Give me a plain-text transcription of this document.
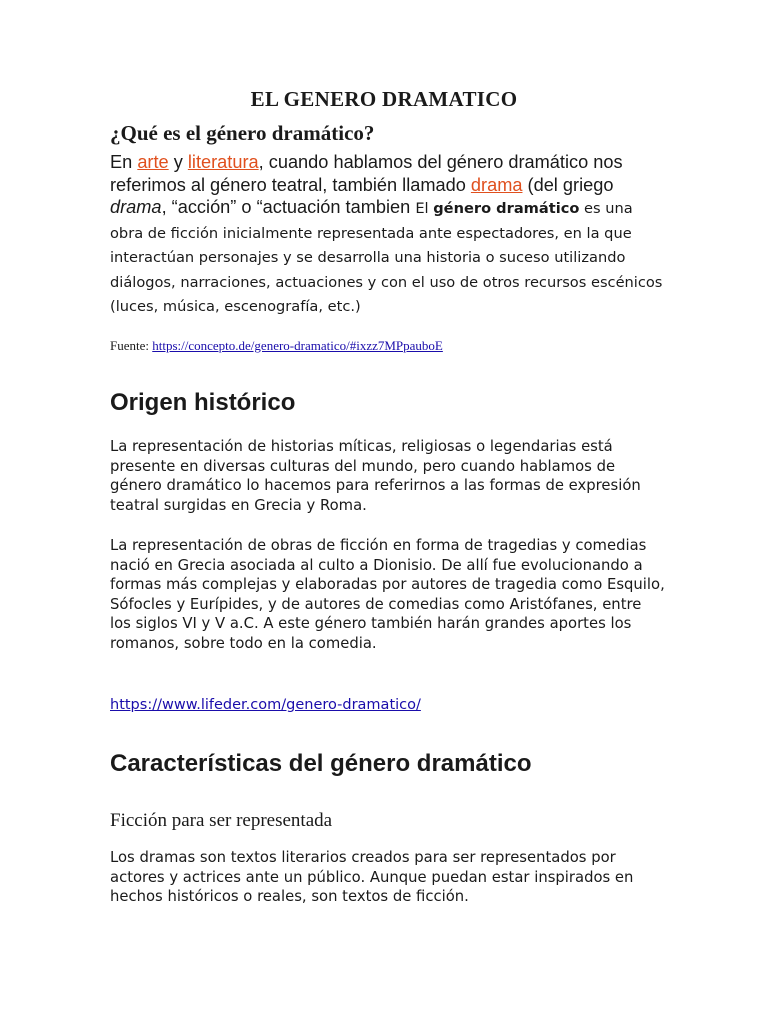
EL GENERO DRAMATICO
¿Qué es el género dramático?
En arte y literatura, cuando hablamos del género dramático nos referimos al género teatral, también llamado drama (del griego drama, “acción” o “actuación tambien El género dramático es una obra de ficción inicialmente representada ante espectadores, en la que interactúan personajes y se desarrolla una historia o suceso utilizando diálogos, narraciones, actuaciones y con el uso de otros recursos escénicos (luces, música, escenografía, etc.)
Fuente: https://concepto.de/genero-dramatico/#ixzz7MPpauboE
Origen histórico
La representación de historias míticas, religiosas o legendarias está presente en diversas culturas del mundo, pero cuando hablamos de género dramático lo hacemos para referirnos a las formas de expresión teatral surgidas en Grecia y Roma.
La representación de obras de ficción en forma de tragedias y comedias nació en Grecia asociada al culto a Dionisio. De allí fue evolucionando a formas más complejas y elaboradas por autores de tragedia como Esquilo, Sófocles y Eurípides, y de autores de comedias como Aristófanes, entre los siglos VI y V a.C. A este género también harán grandes aportes los romanos, sobre todo en la comedia.
https://www.lifeder.com/genero-dramatico/
Características del género dramático
Ficción para ser representada
Los dramas son textos literarios creados para ser representados por actores y actrices ante un público. Aunque puedan estar inspirados en hechos históricos o reales, son textos de ficción.
